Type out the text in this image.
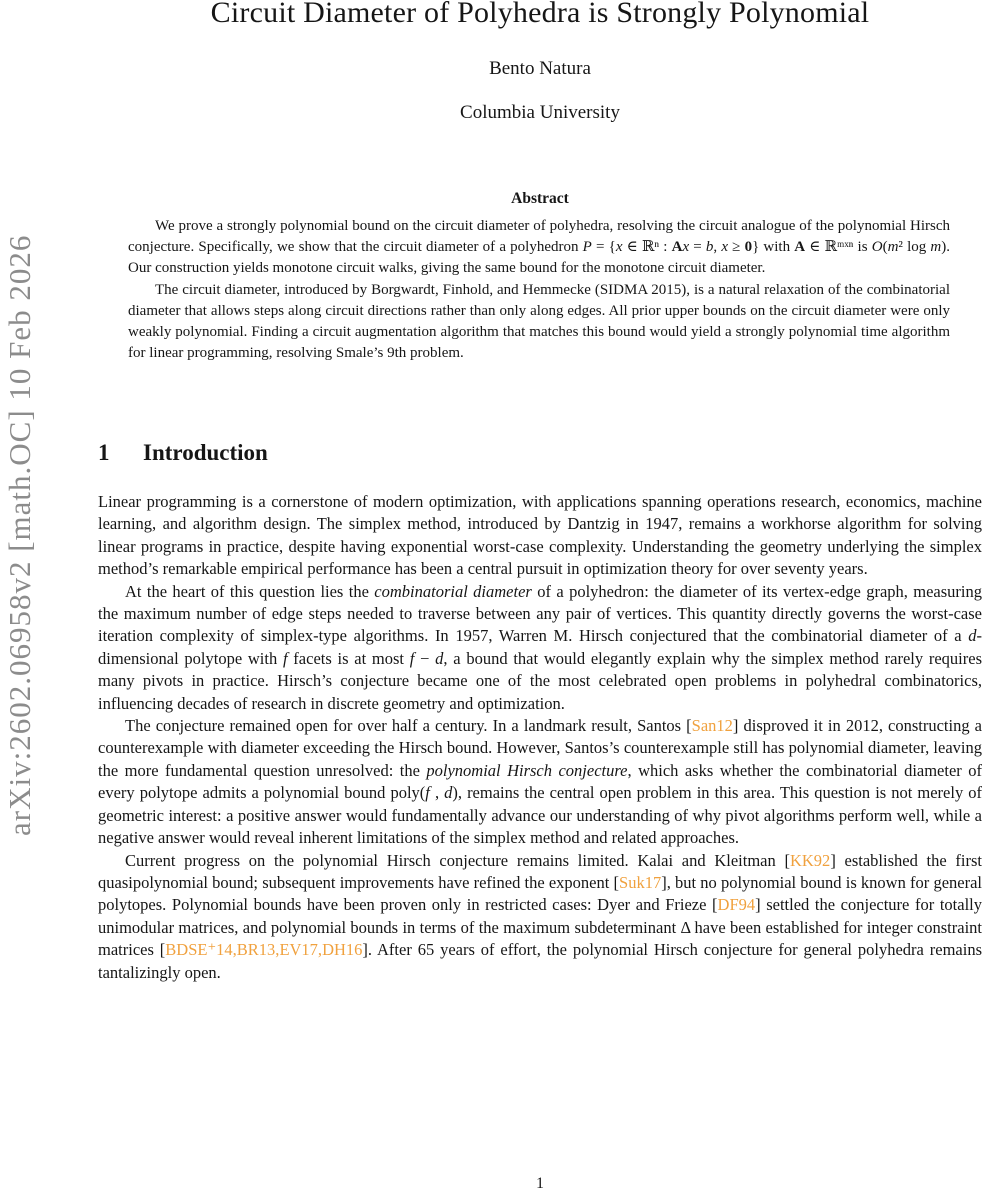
arXiv:2602.06958v2 [math.OC] 10 Feb 2026
Circuit Diameter of Polyhedra is Strongly Polynomial
Bento Natura
Columbia University
Abstract

We prove a strongly polynomial bound on the circuit diameter of polyhedra, resolving the circuit analogue of the polynomial Hirsch conjecture. Specifically, we show that the circuit diameter of a polyhedron P = {x ∈ ℝⁿ : Ax = b, x ≥ 0} with A ∈ ℝᵐˣⁿ is O(m² log m). Our construction yields monotone circuit walks, giving the same bound for the monotone circuit diameter.

The circuit diameter, introduced by Borgwardt, Finhold, and Hemmecke (SIDMA 2015), is a natural relaxation of the combinatorial diameter that allows steps along circuit directions rather than only along edges. All prior upper bounds on the circuit diameter were only weakly polynomial. Finding a circuit augmentation algorithm that matches this bound would yield a strongly polynomial time algorithm for linear programming, resolving Smale’s 9th problem.

1 Introduction

Linear programming is a cornerstone of modern optimization, with applications spanning operations research, economics, machine learning, and algorithm design. The simplex method, introduced by Dantzig in 1947, remains a workhorse algorithm for solving linear programs in practice, despite having exponential worst-case complexity. Understanding the geometry underlying the simplex method’s remarkable empirical performance has been a central pursuit in optimization theory for over seventy years.

At the heart of this question lies the combinatorial diameter of a polyhedron: the diameter of its vertex-edge graph, measuring the maximum number of edge steps needed to traverse between any pair of vertices. This quantity directly governs the worst-case iteration complexity of simplex-type algorithms. In 1957, Warren M. Hirsch conjectured that the combinatorial diameter of a d-dimensional polytope with f facets is at most f − d, a bound that would elegantly explain why the simplex method rarely requires many pivots in practice. Hirsch’s conjecture became one of the most celebrated open problems in polyhedral combinatorics, influencing decades of research in discrete geometry and optimization.

The conjecture remained open for over half a century. In a landmark result, Santos [San12] disproved it in 2012, constructing a counterexample with diameter exceeding the Hirsch bound. However, Santos’s counterexample still has polynomial diameter, leaving the more fundamental question unresolved: the polynomial Hirsch conjecture, which asks whether the combinatorial diameter of every polytope admits a polynomial bound poly(f , d), remains the central open problem in this area. This question is not merely of geometric interest: a positive answer would fundamentally advance our understanding of why pivot algorithms perform well, while a negative answer would reveal inherent limitations of the simplex method and related approaches.

Current progress on the polynomial Hirsch conjecture remains limited. Kalai and Kleitman [KK92] established the first quasipolynomial bound; subsequent improvements have refined the exponent [Suk17], but no polynomial bound is known for general polytopes. Polynomial bounds have been proven only in restricted cases: Dyer and Frieze [DF94] settled the conjecture for totally unimodular matrices, and polynomial bounds in terms of the maximum subdeterminant Δ have been established for integer constraint matrices [BDSE⁺14,BR13,EV17,DH16]. After 65 years of effort, the polynomial Hirsch conjecture for general polyhedra remains tantalizingly open.

1
